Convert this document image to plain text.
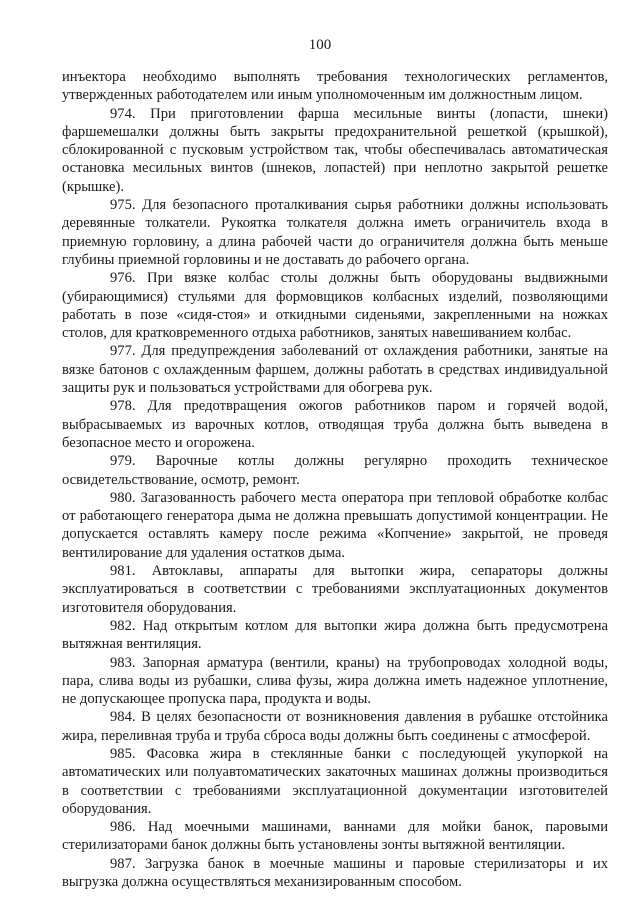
100

инъектора необходимо выполнять требования технологических регламентов, утвержденных работодателем или иным уполномоченным им должностным лицом.

974. При приготовлении фарша месильные винты (лопасти, шнеки) фаршемешалки должны быть закрыты предохранительной решеткой (крышкой), сблокированной с пусковым устройством так, чтобы обеспечивалась автоматическая остановка месильных винтов (шнеков, лопастей) при неплотно закрытой решетке (крышке).

975. Для безопасного проталкивания сырья работники должны использовать деревянные толкатели. Рукоятка толкателя должна иметь ограничитель входа в приемную горловину, а длина рабочей части до ограничителя должна быть меньше глубины приемной горловины и не доставать до рабочего органа.

976. При вязке колбас столы должны быть оборудованы выдвижными (убирающимися) стульями для формовщиков колбасных изделий, позволяющими работать в позе «сидя-стоя» и откидными сиденьями, закрепленными на ножках столов, для кратковременного отдыха работников, занятых навешиванием колбас.

977. Для предупреждения заболеваний от охлаждения работники, занятые на вязке батонов с охлажденным фаршем, должны работать в средствах индивидуальной защиты рук и пользоваться устройствами для обогрева рук.

978. Для предотвращения ожогов работников паром и горячей водой, выбрасываемых из варочных котлов, отводящая труба должна быть выведена в безопасное место и огорожена.

979. Варочные котлы должны регулярно проходить техническое освидетельствование, осмотр, ремонт.

980. Загазованность рабочего места оператора при тепловой обработке колбас от работающего генератора дыма не должна превышать допустимой концентрации. Не допускается оставлять камеру после режима «Копчение» закрытой, не проведя вентилирование для удаления остатков дыма.

981. Автоклавы, аппараты для вытопки жира, сепараторы должны эксплуатироваться в соответствии с требованиями эксплуатационных документов изготовителя оборудования.

982. Над открытым котлом для вытопки жира должна быть предусмотрена вытяжная вентиляция.

983. Запорная арматура (вентили, краны) на трубопроводах холодной воды, пара, слива воды из рубашки, слива фузы, жира должна иметь надежное уплотнение, не допускающее пропуска пара, продукта и воды.

984. В целях безопасности от возникновения давления в рубашке отстойника жира, переливная труба и труба сброса воды должны быть соединены с атмосферой.

985. Фасовка жира в стеклянные банки с последующей укупоркой на автоматических или полуавтоматических закаточных машинах должны производиться в соответствии с требованиями эксплуатационной документации изготовителей оборудования.

986. Над моечными машинами, ваннами для мойки банок, паровыми стерилизаторами банок должны быть установлены зонты вытяжной вентиляции.

987. Загрузка банок в моечные машины и паровые стерилизаторы и их выгрузка должна осуществляться механизированным способом.
